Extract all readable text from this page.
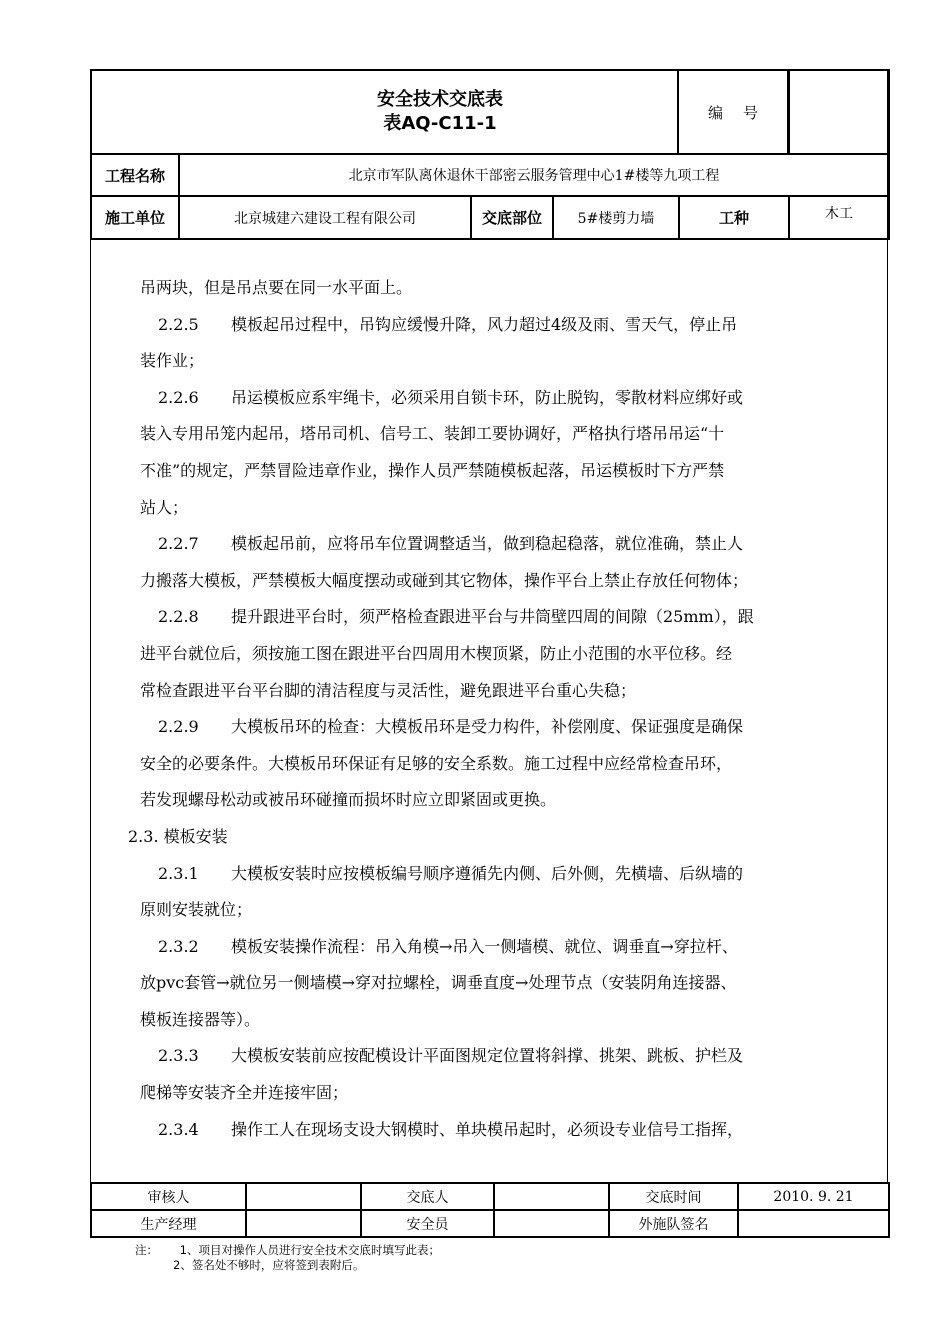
安全技术交底表
表AQ-C11-1					

工程名称	北京市军队离休退休干部密云服务管理中心1#楼等九项工程				
施工单位	北京城建六建设工程有限公司	交底部位	5#楼剪力墙	工种	木工
编号	

吊两块，但是吊点要在同一水平面上。

2.2.5 模板起吊过程中，吊钩应缓慢升降，风力超过4级及雨、雪天气，停止吊

装作业；

2.2.6 吊运模板应系牢绳卡，必须采用自锁卡环，防止脱钩，零散材料应绑好或

装入专用吊笼内起吊，塔吊司机、信号工、装卸工要协调好，严格执行塔吊吊运“十

不准”的规定，严禁冒险违章作业，操作人员严禁随模板起落，吊运模板时下方严禁

站人；

2.2.7 模板起吊前，应将吊车位置调整适当，做到稳起稳落，就位准确，禁止人

力搬落大模板，严禁模板大幅度摆动或碰到其它物体，操作平台上禁止存放任何物体；

2.2.8 提升跟进平台时，须严格检查跟进平台与井筒壁四周的间隙（25mm），跟

进平台就位后，须按施工图在跟进平台四周用木楔顶紧，防止小范围的水平位移。经

常检查跟进平台平台脚的清洁程度与灵活性，避免跟进平台重心失稳；

2.2.9 大模板吊环的检查：大模板吊环是受力构件，补偿刚度、保证强度是确保

安全的必要条件。大模板吊环保证有足够的安全系数。施工过程中应经常检查吊环，

若发现螺母松动或被吊环碰撞而损坏时应立即紧固或更换。

2.3. 模板安装

2.3.1 大模板安装时应按模板编号顺序遵循先内侧、后外侧，先横墙、后纵墙的

原则安装就位；

2.3.2 模板安装操作流程：吊入角模→吊入一侧墙模、就位、调垂直→穿拉杆、

放pvc套管→就位另一侧墙模→穿对拉螺栓，调垂直度→处理节点（安装阴角连接器、

模板连接器等）。

2.3.3 大模板安装前应按配模设计平面图规定位置将斜撑、挑架、跳板、护栏及

爬梯等安装齐全并连接牢固；

2.3.4 操作工人在现场支设大钢模时、单块模吊起时，必须设专业信号工指挥，

审核人		交底人		交底时间	2010. 9. 21
生产经理		安全员		外施队签名	
注： 1、项目对操作人员进行安全技术交底时填写此表；
2、签名处不够时，应将签到表附后。
